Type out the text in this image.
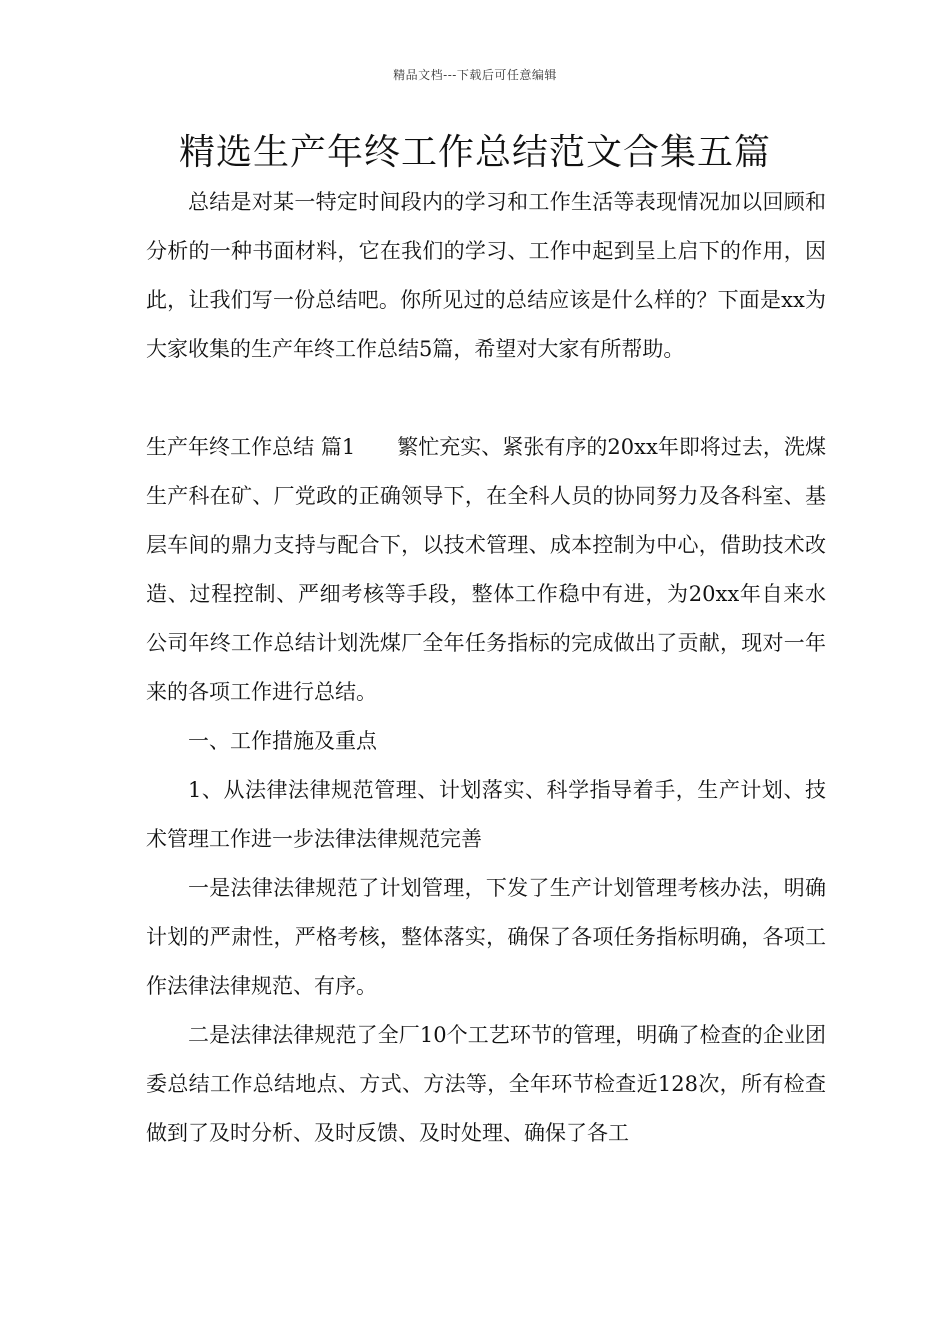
精品文档---下载后可任意编辑
精选生产年终工作总结范文合集五篇

总结是对某一特定时间段内的学习和工作生活等表现情况加以回顾和分析的一种书面材料，它在我们的学习、工作中起到呈上启下的作用，因此，让我们写一份总结吧。你所见过的总结应该是什么样的？下面是xx为大家收集的生产年终工作总结5篇，希望对大家有所帮助。

生产年终工作总结 篇1 繁忙充实、紧张有序的20xx年即将过去，洗煤生产科在矿、厂党政的正确领导下，在全科人员的协同努力及各科室、基层车间的鼎力支持与配合下，以技术管理、成本控制为中心，借助技术改造、过程控制、严细考核等手段，整体工作稳中有进，为20xx年自来水公司年终工作总结计划洗煤厂全年任务指标的完成做出了贡献，现对一年来的各项工作进行总结。

一、工作措施及重点

1、从法律法律规范管理、计划落实、科学指导着手，生产计划、技术管理工作进一步法律法律规范完善

一是法律法律规范了计划管理，下发了生产计划管理考核办法，明确计划的严肃性，严格考核，整体落实，确保了各项任务指标明确，各项工作法律法律规范、有序。

二是法律法律规范了全厂10个工艺环节的管理，明确了检查的企业团委总结工作总结地点、方式、方法等，全年环节检查近128次，所有检查做到了及时分析、及时反馈、及时处理、确保了各工
